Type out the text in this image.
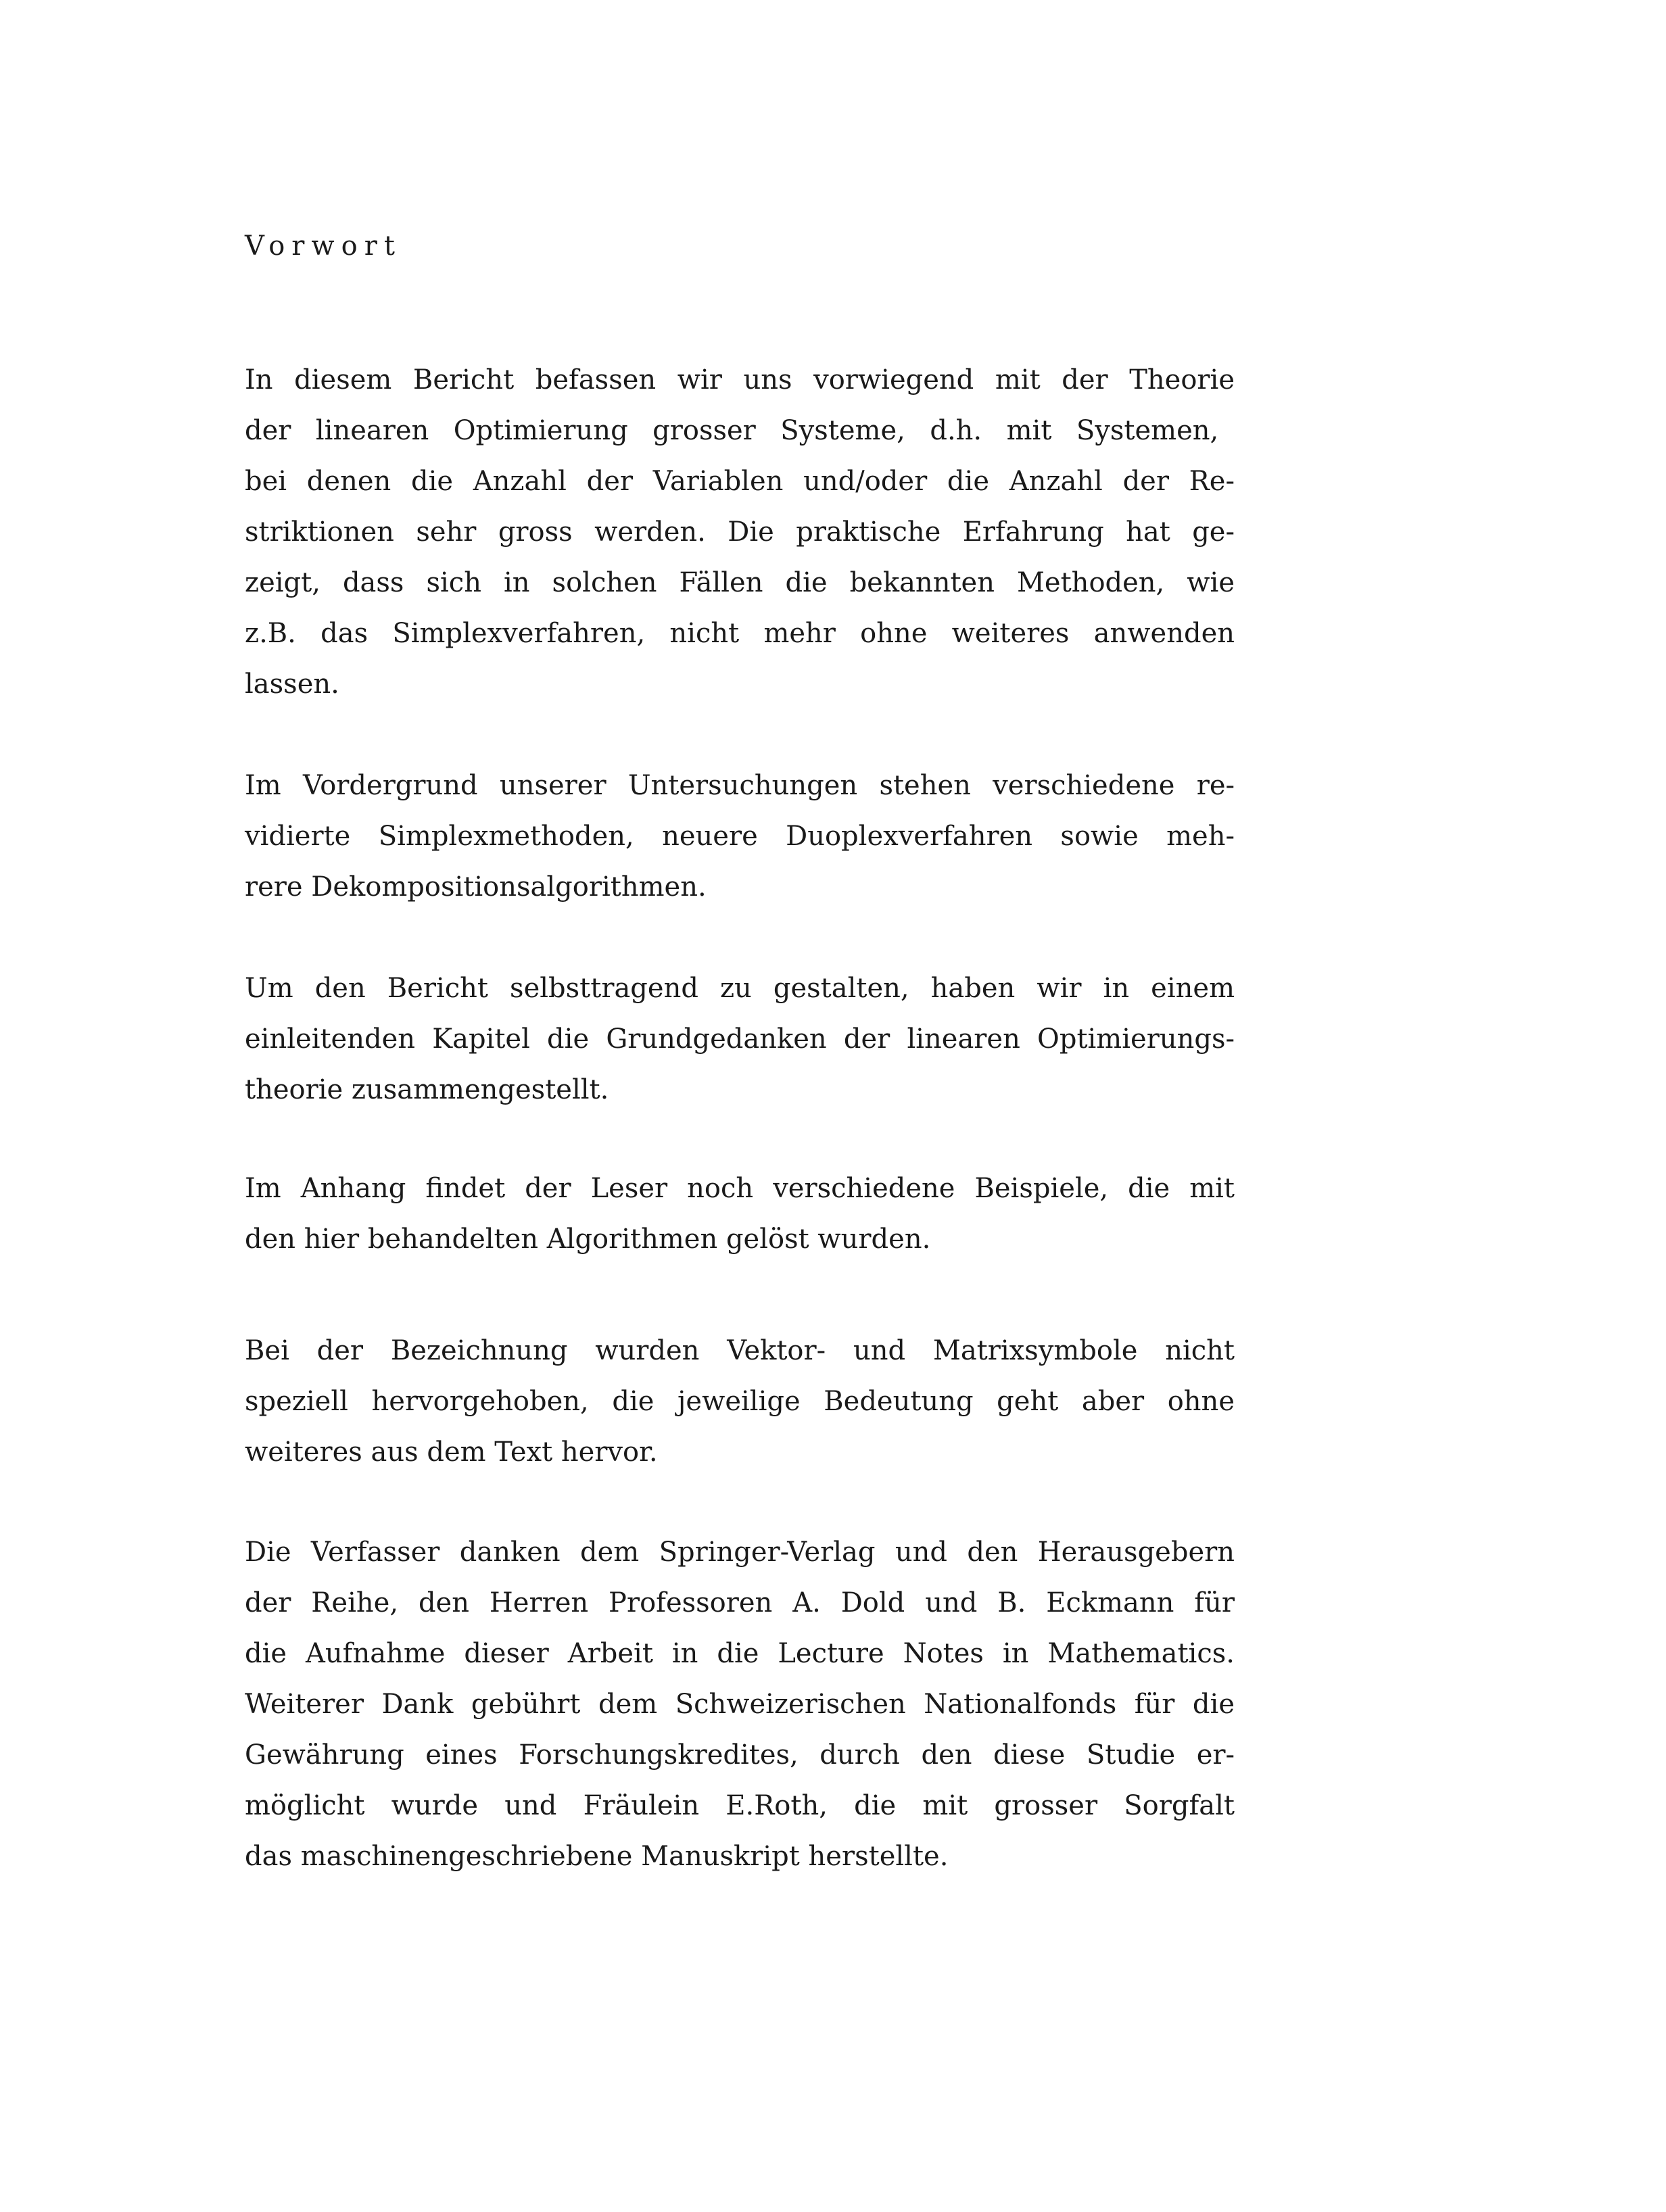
Vorwort
In diesem Bericht befassen wir uns vorwiegend mit der Theorie
der linearen Optimierung grosser Systeme, d.h. mit Systemen,
bei denen die Anzahl der Variablen und/oder die Anzahl der Re-
striktionen sehr gross werden. Die praktische Erfahrung hat ge-
zeigt, dass sich in solchen Fällen die bekannten Methoden, wie
z.B. das Simplexverfahren, nicht mehr ohne weiteres anwenden
lassen.
Im Vordergrund unserer Untersuchungen stehen verschiedene re-
vidierte Simplexmethoden, neuere Duoplexverfahren sowie meh-
rere Dekompositionsalgorithmen.
Um den Bericht selbsttragend zu gestalten, haben wir in einem
einleitenden Kapitel die Grundgedanken der linearen Optimierungs-
theorie zusammengestellt.
Im Anhang findet der Leser noch verschiedene Beispiele, die mit
den hier behandelten Algorithmen gelöst wurden.
Bei der Bezeichnung wurden Vektor- und Matrixsymbole nicht
speziell hervorgehoben, die jeweilige Bedeutung geht aber ohne
weiteres aus dem Text hervor.
Die Verfasser danken dem Springer-Verlag und den Herausgebern
der Reihe, den Herren Professoren A. Dold und B. Eckmann für
die Aufnahme dieser Arbeit in die Lecture Notes in Mathematics.
Weiterer Dank gebührt dem Schweizerischen Nationalfonds für die
Gewährung eines Forschungskredites, durch den diese Studie er-
möglicht wurde und Fräulein E.Roth, die mit grosser Sorgfalt
das maschinengeschriebene Manuskript herstellte.
